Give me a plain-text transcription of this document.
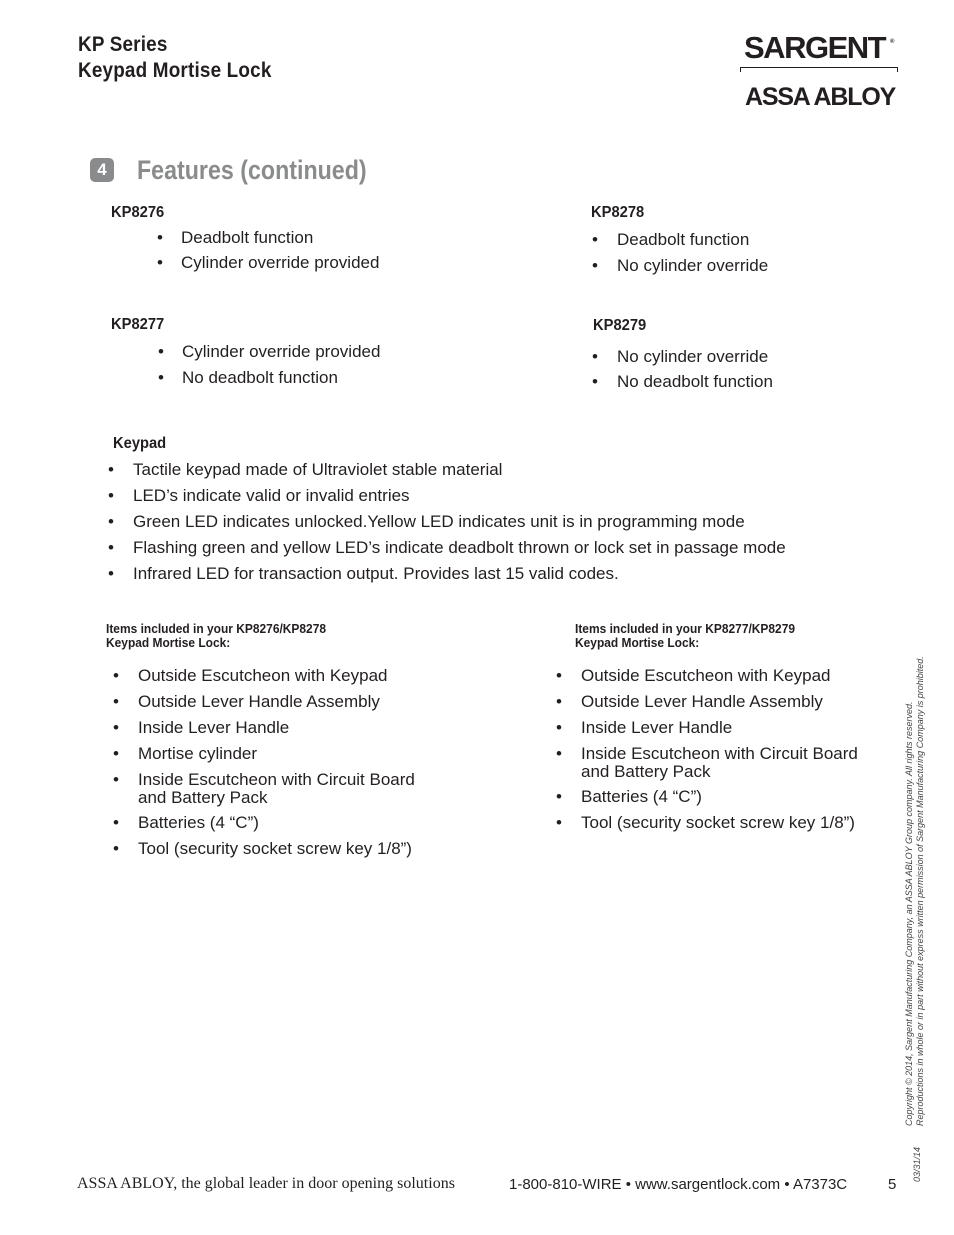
KP Series
Keypad Mortise Lock
SARGENT ®
ASSA ABLOY
4 Features (continued)
KP8276
•	Deadbolt function
•	Cylinder override provided
KP8278
•	Deadbolt function
•	No cylinder override
KP8277
•	Cylinder override provided
•	No deadbolt function
KP8279
•	No cylinder override
•	No deadbolt function
Keypad
•	Tactile keypad made of Ultraviolet stable material
•	LED’s indicate valid or invalid entries
•	Green LED indicates unlocked.Yellow LED indicates unit is in programming mode
•	Flashing green and yellow LED’s indicate deadbolt thrown or lock set in passage mode
•	Infrared LED for transaction output. Provides last 15 valid codes.
Items included in your KP8276/KP8278
Keypad Mortise Lock:
•	Outside Escutcheon with Keypad
•	Outside Lever Handle Assembly
•	Inside Lever Handle
•	Mortise cylinder
•	Inside Escutcheon with Circuit Board
and Battery Pack
•	Batteries (4 “C”)
•	Tool (security socket screw key 1/8”)
Items included in your KP8277/KP8279
Keypad Mortise Lock:
•	Outside Escutcheon with Keypad
•	Outside Lever Handle Assembly
•	Inside Lever Handle
•	Inside Escutcheon with Circuit Board
and Battery Pack
•	Batteries (4 “C”)
•	Tool (security socket screw key 1/8”)	Copyright © 2014, Sargent Manufacturing Company, an ASSA ABLOY Group company. All rights reserved. Reproductions in whole or in part without express written permission of Sargent Manufacturing Company is prohibited.
03/31/14
ASSA ABLOY, the global leader in door opening solutions	1-800-810-WIRE • www.sargentlock.com • A7373C	5
